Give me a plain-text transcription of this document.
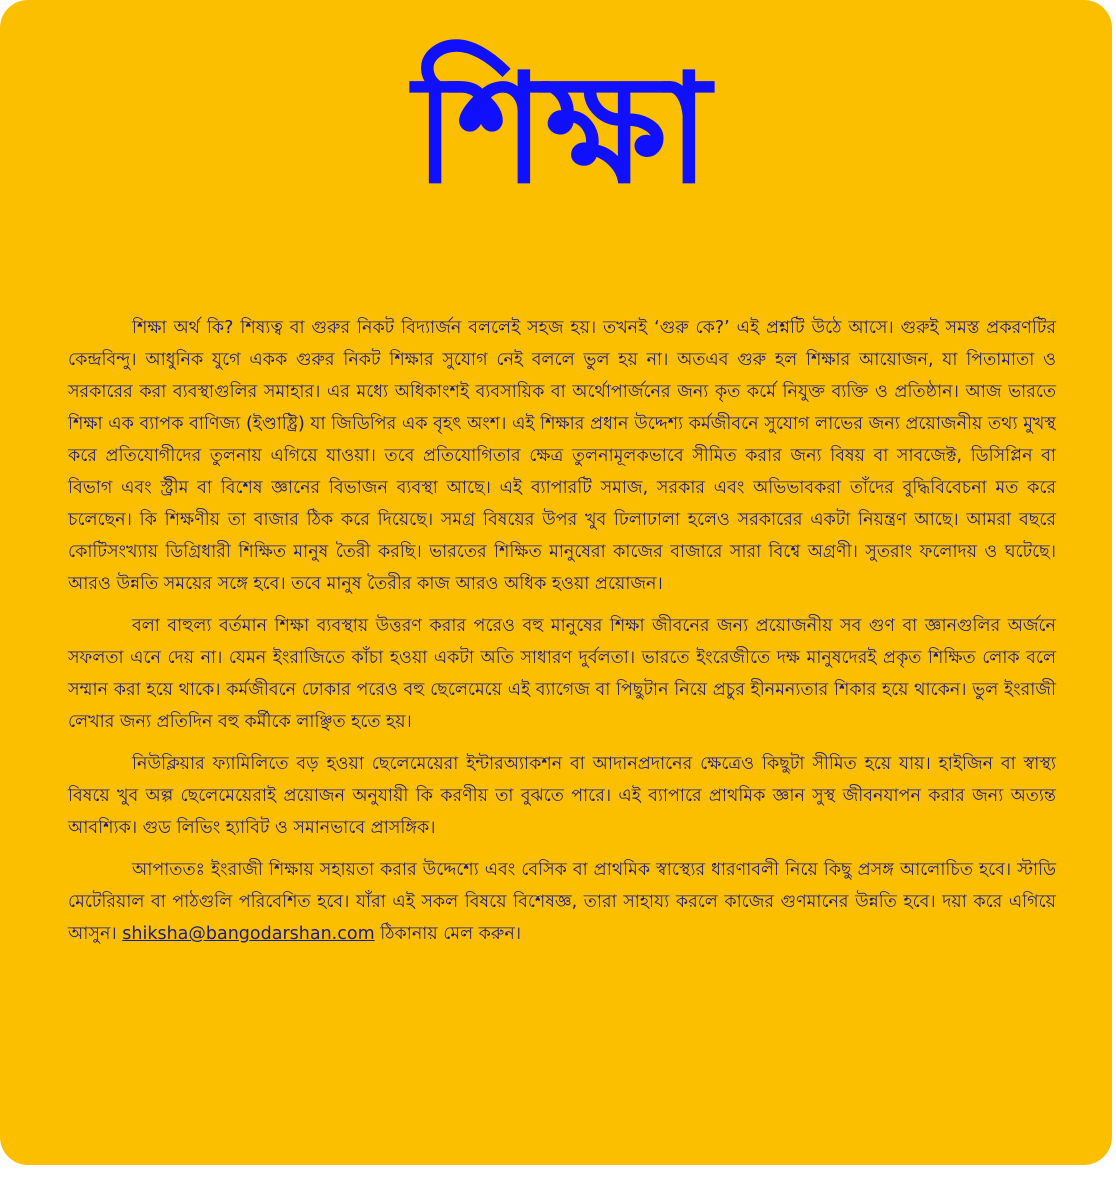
শিক্ষা

শিক্ষা অর্থ কি? শিষ্যত্ব বা গুরুর নিকট বিদ্যার্জন বললেই সহজ হয়। তখনই ‘গুরু কে?’ এই প্রশ্নটি উঠে আসে। গুরুই সমস্ত প্রকরণটির কেন্দ্রবিন্দু। আধুনিক যুগে একক গুরুর নিকট শিক্ষার সুযোগ নেই বললে ভুল হয় না। অতএব গুরু হল শিক্ষার আয়োজন, যা পিতামাতা ও সরকারের করা ব্যবস্থাগুলির সমাহার। এর মধ্যে অধিকাংশই ব্যবসায়িক বা অর্থোপার্জনের জন্য কৃত কর্মে নিযুক্ত ব্যক্তি ও প্রতিষ্ঠান। আজ ভারতে শিক্ষা এক ব্যাপক বাণিজ্য (ইণ্ডাষ্ট্রি) যা জিডিপির এক বৃহৎ অংশ। এই শিক্ষার প্রধান উদ্দেশ্য কর্মজীবনে সুযোগ লাভের জন্য প্রয়োজনীয় তথ্য মুখস্থ করে প্রতিযোগীদের তুলনায় এগিয়ে যাওয়া। তবে প্রতিযোগিতার ক্ষেত্র তুলনামূলকভাবে সীমিত করার জন্য বিষয় বা সাবজেক্ট, ডিসিপ্লিন বা বিভাগ এবং স্ট্রীম বা বিশেষ জ্ঞানের বিভাজন ব্যবস্থা আছে। এই ব্যাপারটি সমাজ, সরকার এবং অভিভাবকরা তাঁদের বুদ্ধিবিবেচনা মত করে চলেছেন। কি শিক্ষণীয় তা বাজার ঠিক করে দিয়েছে। সমগ্র বিষয়ের উপর খুব ঢিলাঢালা হলেও সরকারের একটা নিয়ন্ত্রণ আছে। আমরা বছরে কোটিসংখ্যায় ডিগ্রিধারী শিক্ষিত মানুষ তৈরী করছি। ভারতের শিক্ষিত মানুষেরা কাজের বাজারে সারা বিশ্বে অগ্রণী। সুতরাং ফলোদয় ও ঘটেছে। আরও উন্নতি সময়ের সঙ্গে হবে। তবে মানুষ তৈরীর কাজ আরও অধিক হওয়া প্রয়োজন।

বলা বাহুল্য বর্তমান শিক্ষা ব্যবস্থায় উত্তরণ করার পরেও বহু মানুষের শিক্ষা জীবনের জন্য প্রয়োজনীয় সব গুণ বা জ্ঞানগুলির অর্জনে সফলতা এনে দেয় না। যেমন ইংরাজিতে কাঁচা হওয়া একটা অতি সাধারণ দুর্বলতা। ভারতে ইংরেজীতে দক্ষ মানুষদেরই প্রকৃত শিক্ষিত লোক বলে সম্মান করা হয়ে থাকে। কর্মজীবনে ঢোকার পরেও বহু ছেলেমেয়ে এই ব্যাগেজ বা পিছুটান নিয়ে প্রচুর হীনমন্যতার শিকার হয়ে থাকেন। ভুল ইংরাজী লেখার জন্য প্রতিদিন বহু কর্মীকে লাঞ্ছিত হতে হয়।

নিউক্লিয়ার ফ্যামিলিতে বড় হওয়া ছেলেমেয়েরা ইন্টারঅ্যাকশন বা আদানপ্রদানের ক্ষেত্রেও কিছুটা সীমিত হয়ে যায়। হাইজিন বা স্বাস্থ্য বিষয়ে খুব অল্প ছেলেমেয়েরাই প্রয়োজন অনুযায়ী কি করণীয় তা বুঝতে পারে। এই ব্যাপারে প্রাথমিক জ্ঞান সুস্থ জীবনযাপন করার জন্য অত্যন্ত আবশ্যিক। গুড লিভিং হ্যাবিট ও সমানভাবে প্রাসঙ্গিক।

আপাততঃ ইংরাজী শিক্ষায় সহায়তা করার উদ্দেশ্যে এবং বেসিক বা প্রাথমিক স্বাস্থ্যের ধারণাবলী নিয়ে কিছু প্রসঙ্গ আলোচিত হবে। স্টাডি মেটেরিয়াল বা পাঠগুলি পরিবেশিত হবে। যাঁরা এই সকল বিষয়ে বিশেষজ্ঞ, তারা সাহায্য করলে কাজের গুণমানের উন্নতি হবে। দয়া করে এগিয়ে আসুন। shiksha@bangodarshan.com ঠিকানায় মেল করুন।
